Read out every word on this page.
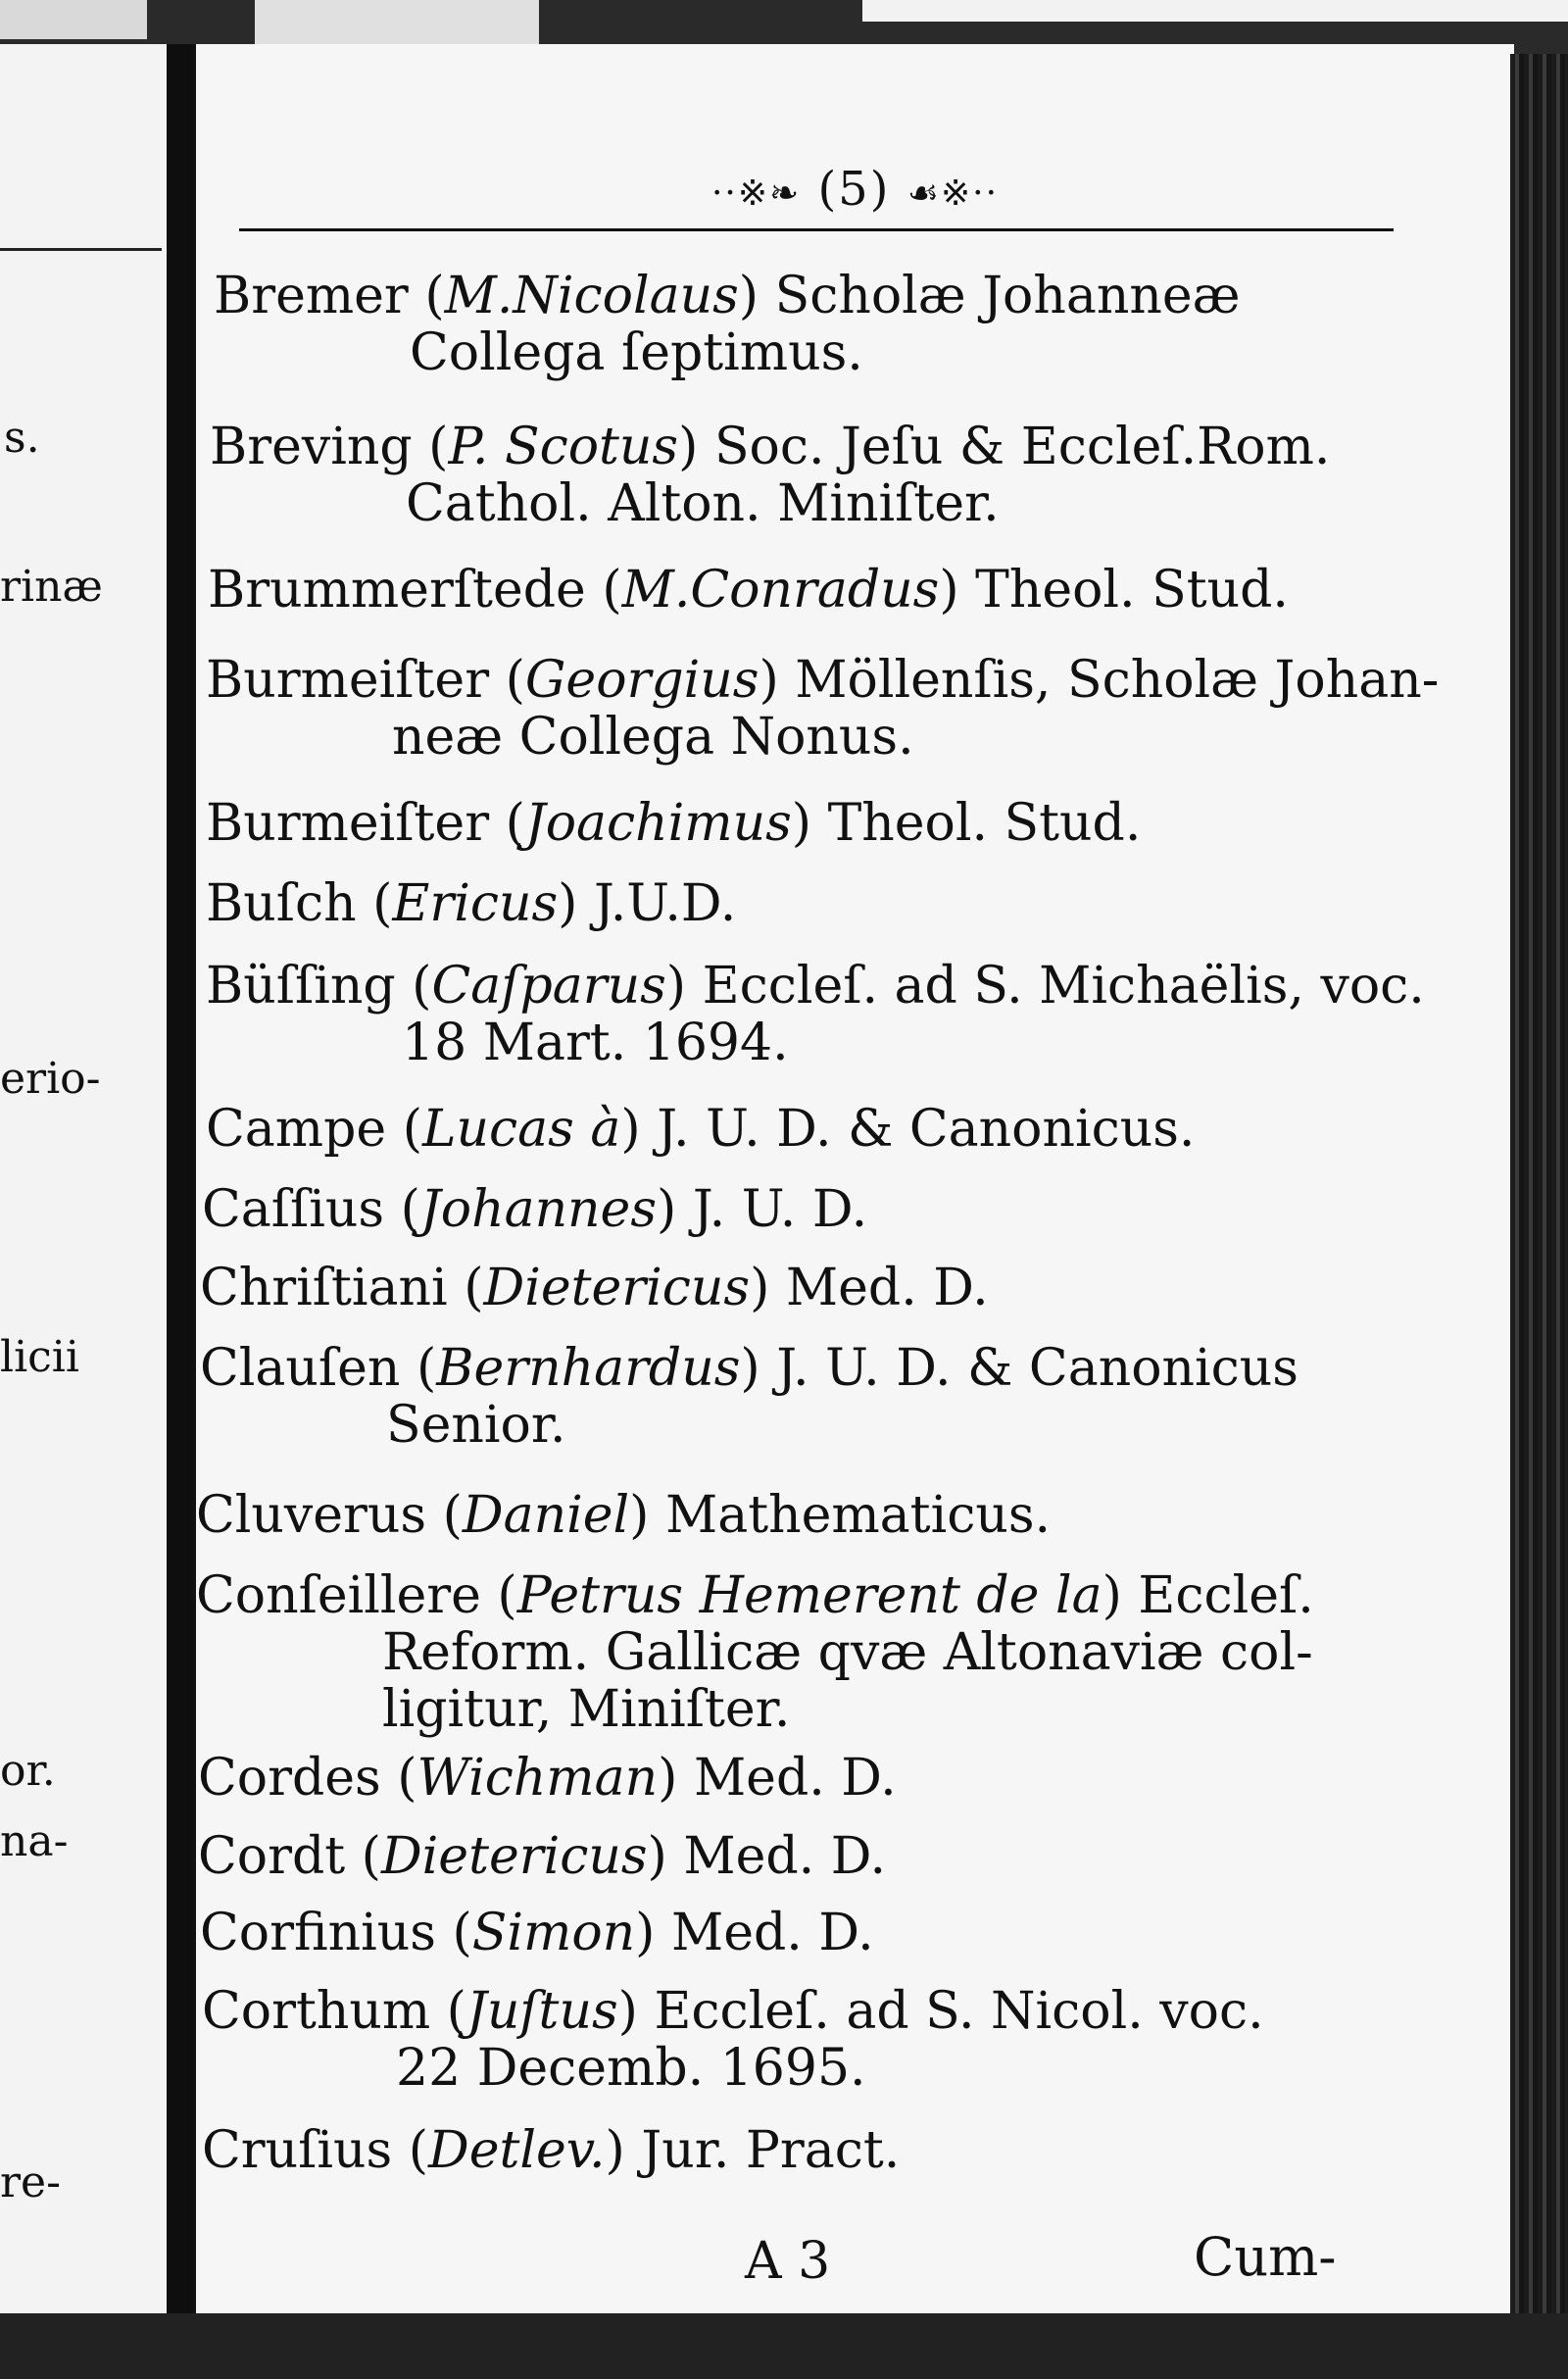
s.
rinæ
erio-
licii
or.
na-
re-
··※❧ (5) ☙※··
Bremer (M.Nicolaus) Scholæ Johanneæ
Collega ſeptimus.
Breving (P. Scotus) Soc. Jeſu & Eccleſ.Rom.
Cathol. Alton. Miniſter.
Brummerſtede (M.Conradus) Theol. Stud.
Burmeiſter (Georgius) Möllenſis, Scholæ Johan-
neæ Collega Nonus.
Burmeiſter (Joachimus) Theol. Stud.
Buſch (Ericus) J.U.D.
Büſſing (Caſparus) Eccleſ. ad S. Michaëlis, voc.
18 Mart. 1694.
Campe (Lucas à) J. U. D. & Canonicus.
Caſſius (Johannes) J. U. D.
Chriſtiani (Dietericus) Med. D.
Clauſen (Bernhardus) J. U. D. & Canonicus
Senior.
Cluverus (Daniel) Mathematicus.
Conſeillere (Petrus Hemerent de la) Eccleſ.
Reform. Gallicæ qvæ Altonaviæ col-
ligitur, Miniſter.
Cordes (Wichman) Med. D.
Cordt (Dietericus) Med. D.
Corfinius (Simon) Med. D.
Corthum (Juſtus) Eccleſ. ad S. Nicol. voc.
22 Decemb. 1695.
Cruſius (Detlev.) Jur. Pract.
A 3	Cum-
